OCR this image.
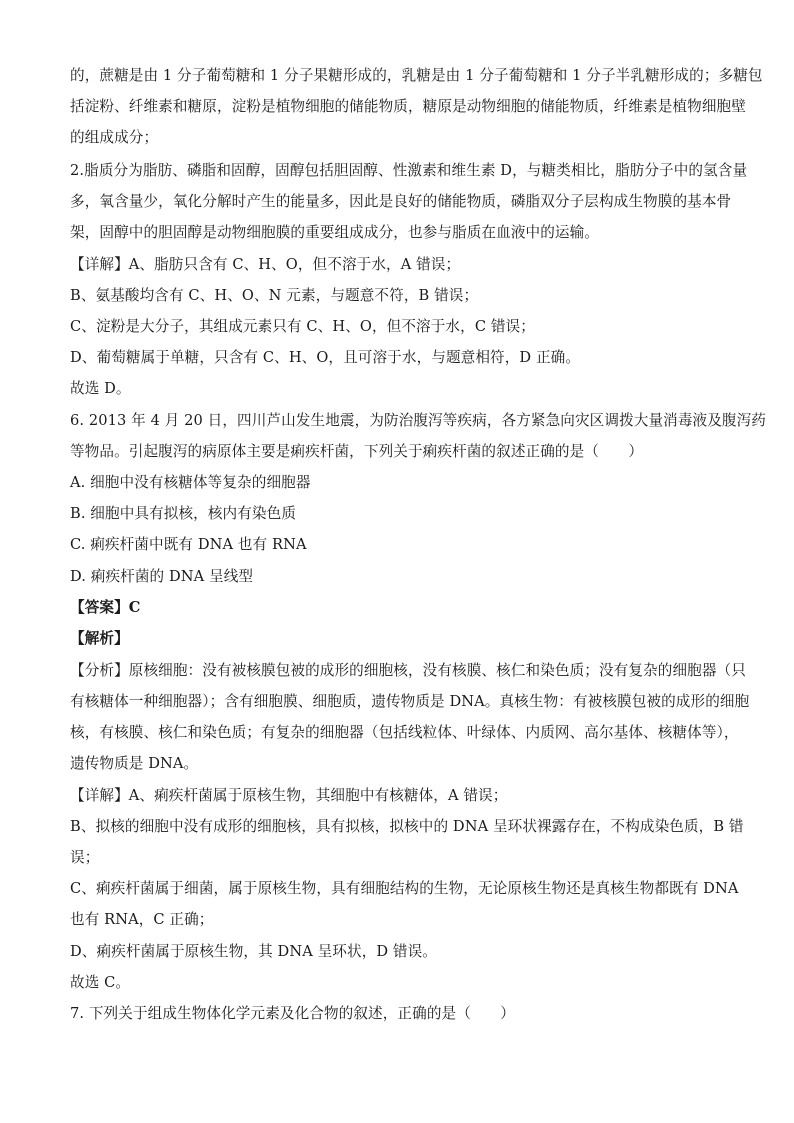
的，蔗糖是由 1 分子葡萄糖和 1 分子果糖形成的，乳糖是由 1 分子葡萄糖和 1 分子半乳糖形成的；多糖包
括淀粉、纤维素和糖原，淀粉是植物细胞的储能物质，糖原是动物细胞的储能物质，纤维素是植物细胞壁
的组成成分；
2.脂质分为脂肪、磷脂和固醇，固醇包括胆固醇、性激素和维生素 D，与糖类相比，脂肪分子中的氢含量
多，氧含量少，氧化分解时产生的能量多，因此是良好的储能物质，磷脂双分子层构成生物膜的基本骨
架，固醇中的胆固醇是动物细胞膜的重要组成成分，也参与脂质在血液中的运输。
【详解】A、脂肪只含有 C、H、O，但不溶于水，A 错误；
B、氨基酸均含有 C、H、O、N 元素，与题意不符，B 错误；
C、淀粉是大分子，其组成元素只有 C、H、O，但不溶于水，C 错误；
D、葡萄糖属于单糖，只含有 C、H、O，且可溶于水，与题意相符，D 正确。
故选 D。
6. 2013 年 4 月 20 日，四川芦山发生地震，为防治腹泻等疾病，各方紧急向灾区调拨大量消毒液及腹泻药
等物品。引起腹泻的病原体主要是痢疾杆菌，下列关于痢疾杆菌的叙述正确的是（　　）
A. 细胞中没有核糖体等复杂的细胞器
B. 细胞中具有拟核，核内有染色质
C. 痢疾杆菌中既有 DNA 也有 RNA
D. 痢疾杆菌的 DNA 呈线型
【答案】C
【解析】
【分析】原核细胞：没有被核膜包被的成形的细胞核，没有核膜、核仁和染色质；没有复杂的细胞器（只
有核糖体一种细胞器）；含有细胞膜、细胞质，遗传物质是 DNA。真核生物：有被核膜包被的成形的细胞
核，有核膜、核仁和染色质；有复杂的细胞器（包括线粒体、叶绿体、内质网、高尔基体、核糖体等），
遗传物质是 DNA。
【详解】A、痢疾杆菌属于原核生物，其细胞中有核糖体，A 错误；
B、拟核的细胞中没有成形的细胞核，具有拟核，拟核中的 DNA 呈环状裸露存在，不构成染色质，B 错
误；
C、痢疾杆菌属于细菌，属于原核生物，具有细胞结构的生物，无论原核生物还是真核生物都既有 DNA
也有 RNA，C 正确；
D、痢疾杆菌属于原核生物，其 DNA 呈环状，D 错误。
故选 C。
7. 下列关于组成生物体化学元素及化合物的叙述，正确的是（　　）
